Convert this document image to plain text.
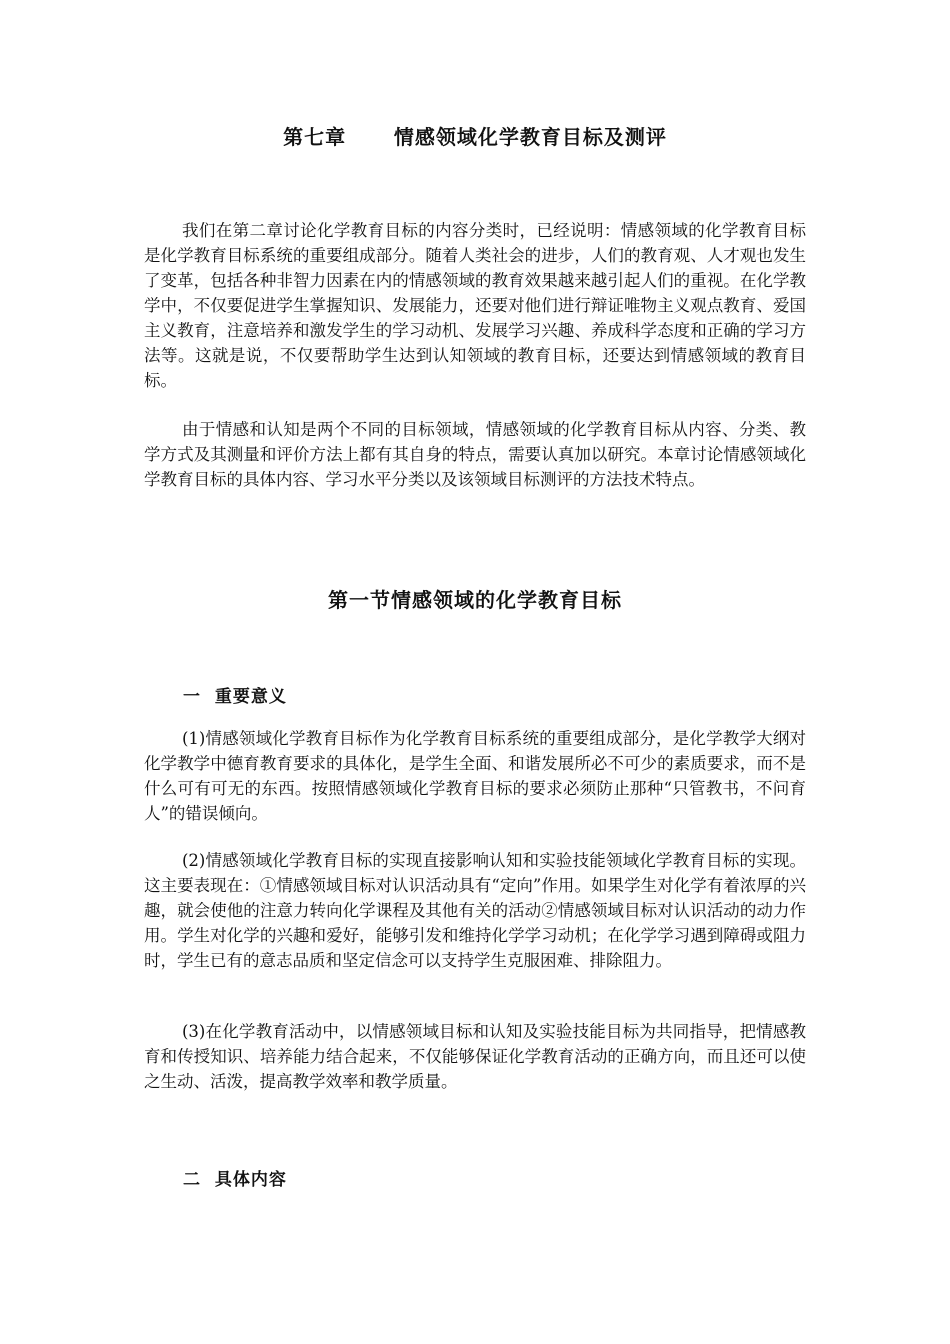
第七章      情感领域化学教育目标及测评

我们在第二章讨论化学教育目标的内容分类时，已经说明：情感领域的化学教育目标是化学教育目标系统的重要组成部分。随着人类社会的进步，人们的教育观、人才观也发生了变革，包括各种非智力因素在内的情感领域的教育效果越来越引起人们的重视。在化学教学中，不仅要促进学生掌握知识、发展能力，还要对他们进行辩证唯物主义观点教育、爱国主义教育，注意培养和激发学生的学习动机、发展学习兴趣、养成科学态度和正确的学习方法等。这就是说，不仅要帮助学生达到认知领域的教育目标，还要达到情感领域的教育目标。

由于情感和认知是两个不同的目标领域，情感领域的化学教育目标从内容、分类、教学方式及其测量和评价方法上都有其自身的特点，需要认真加以研究。本章讨论情感领域化学教育目标的具体内容、学习水平分类以及该领域目标测评的方法技术特点。

第一节情感领域的化学教育目标
一  重要意义

(1)情感领域化学教育目标作为化学教育目标系统的重要组成部分，是化学教学大纲对化学教学中德育教育要求的具体化，是学生全面、和谐发展所必不可少的素质要求，而不是什么可有可无的东西。按照情感领域化学教育目标的要求必须防止那种“只管教书，不问育人”的错误倾向。

(2)情感领域化学教育目标的实现直接影响认知和实验技能领域化学教育目标的实现。这主要表现在：①情感领域目标对认识活动具有“定向”作用。如果学生对化学有着浓厚的兴趣，就会使他的注意力转向化学课程及其他有关的活动②情感领域目标对认识活动的动力作用。学生对化学的兴趣和爱好，能够引发和维持化学学习动机；在化学学习遇到障碍或阻力时，学生已有的意志品质和坚定信念可以支持学生克服困难、排除阻力。

(3)在化学教育活动中，以情感领域目标和认知及实验技能目标为共同指导，把情感教育和传授知识、培养能力结合起来，不仅能够保证化学教育活动的正确方向，而且还可以使之生动、活泼，提高教学效率和教学质量。

二  具体内容
